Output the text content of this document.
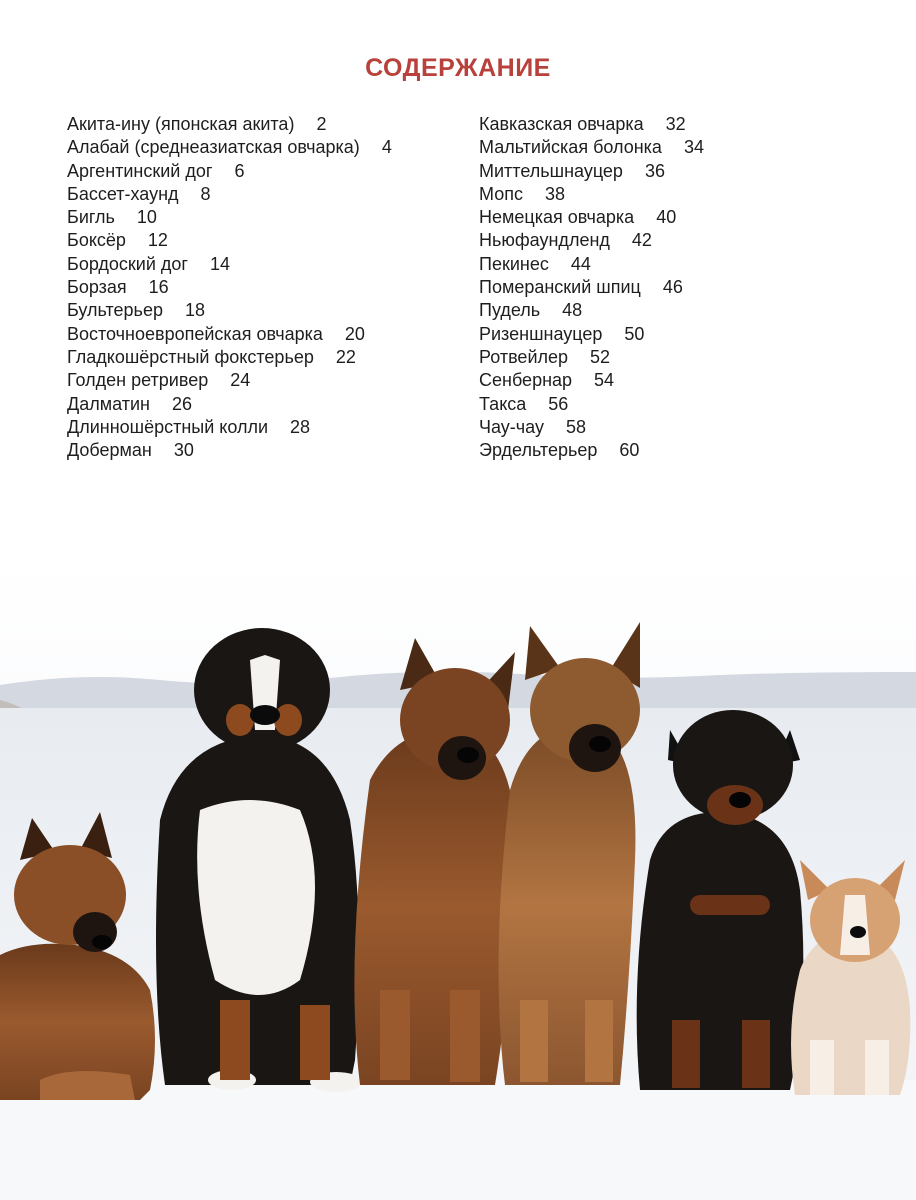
СОДЕРЖАНИЕ
Акита-ину (японская акита) 2
Алабай (среднеазиатская овчарка) 4
Аргентинский дог 6
Бассет-хаунд 8
Бигль 10
Боксёр 12
Бордоский дог 14
Борзая 16
Бультерьер 18
Восточноевропейская овчарка 20
Гладкошёрстный фокстерьер 22
Голден ретривер 24
Далматин 26
Длинношёрстный колли 28
Доберман 30
Кавказская овчарка 32
Мальтийская болонка 34
Миттельшнауцер 36
Мопс 38
Немецкая овчарка 40
Ньюфаундленд 42
Пекинес 44
Померанский шпиц 46
Пудель 48
Ризеншнауцер 50
Ротвейлер 52
Сенбернар 54
Такса 56
Чау-чау 58
Эрдельтерьер 60
